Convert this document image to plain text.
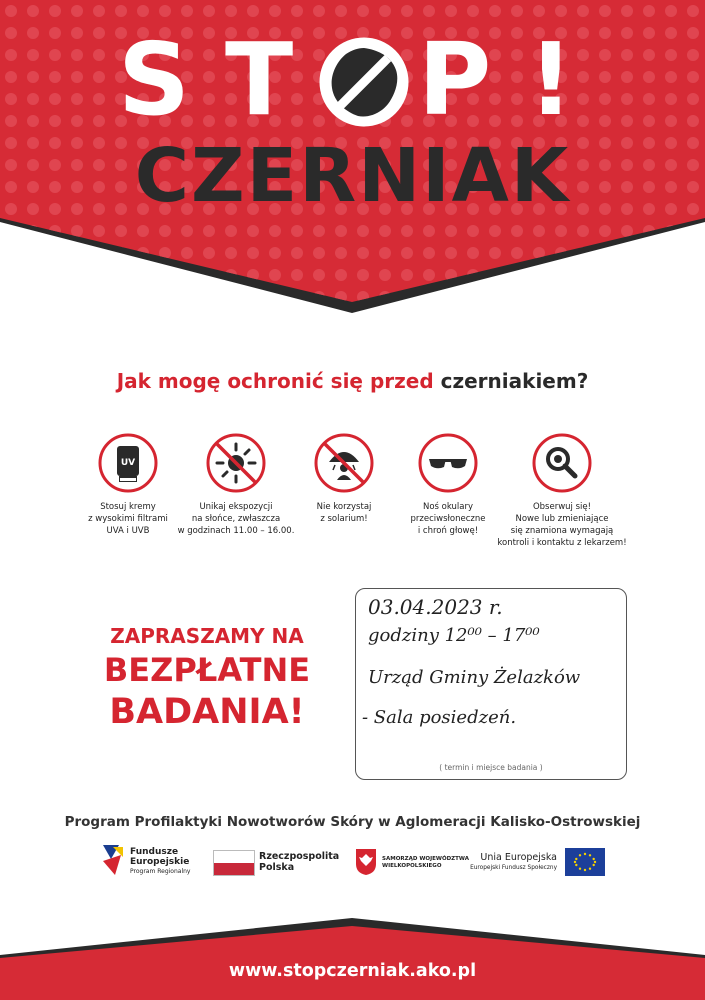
S T P !
CZERNIAK
Jak mogę ochronić się przed czerniakiem?
UV
Stosuj kremy
z wysokimi filtrami
UVA i UVB
Unikaj ekspozycji
na słońce, zwłaszcza
w godzinach 11.00 – 16.00.
Nie korzystaj
z solarium!
Noś okulary
przeciwsłoneczne
i chroń głowę!
Obserwuj się!
Nowe lub zmieniające
się znamiona wymagają
kontroli i kontaktu z lekarzem!
ZAPRASZAMY NA
BEZPŁATNE
BADANIA!
03.04.2023 r.
godziny 12⁰⁰ – 17⁰⁰
Urząd Gminy Żelazków
- Sala posiedzeń.
( termin i miejsce badania )
Program Profilaktyki Nowotworów Skóry w Aglomeracji Kalisko-Ostrowskiej
Fundusze
Europejskie
Program Regionalny
Rzeczpospolita
Polska
SAMORZĄD WOJEWÓDZTWA
WIELKOPOLSKIEGO
Unia Europejska
Europejski Fundusz Społeczny
www.stopczerniak.ako.pl
